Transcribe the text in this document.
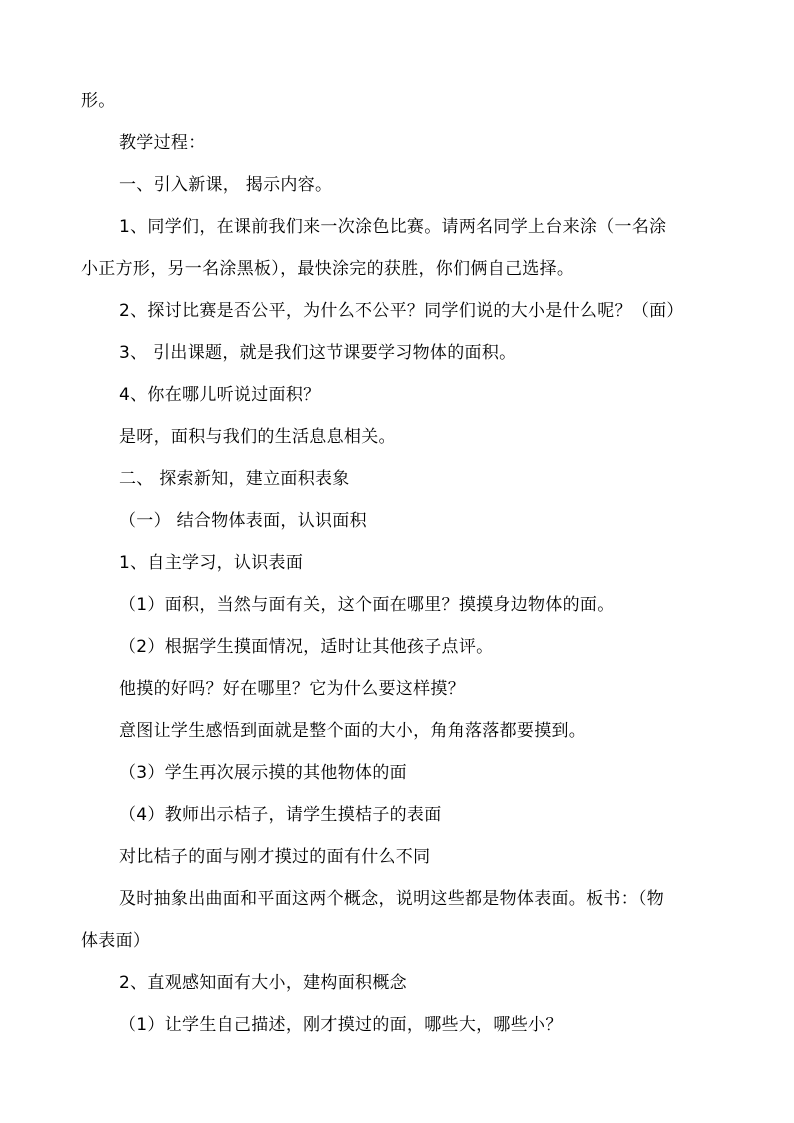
形。
教学过程：
一、引入新课， 揭示内容。
1、同学们，在课前我们来一次涂色比赛。请两名同学上台来涂（一名涂
小正方形，另一名涂黑板），最快涂完的获胜，你们俩自己选择。
2、探讨比赛是否公平，为什么不公平？同学们说的大小是什么呢？（面）
3、 引出课题，就是我们这节课要学习物体的面积。
4、你在哪儿听说过面积？
是呀，面积与我们的生活息息相关。
二、 探索新知，建立面积表象
（一） 结合物体表面，认识面积
1、自主学习，认识表面
（1）面积，当然与面有关，这个面在哪里？摸摸身边物体的面。
（2）根据学生摸面情况，适时让其他孩子点评。
他摸的好吗？好在哪里？它为什么要这样摸？
意图让学生感悟到面就是整个面的大小，角角落落都要摸到。
（3）学生再次展示摸的其他物体的面
（4）教师出示桔子，请学生摸桔子的表面
对比桔子的面与刚才摸过的面有什么不同
及时抽象出曲面和平面这两个概念，说明这些都是物体表面。板书：（物
体表面）
2、直观感知面有大小，建构面积概念
（1）让学生自己描述，刚才摸过的面，哪些大，哪些小？
